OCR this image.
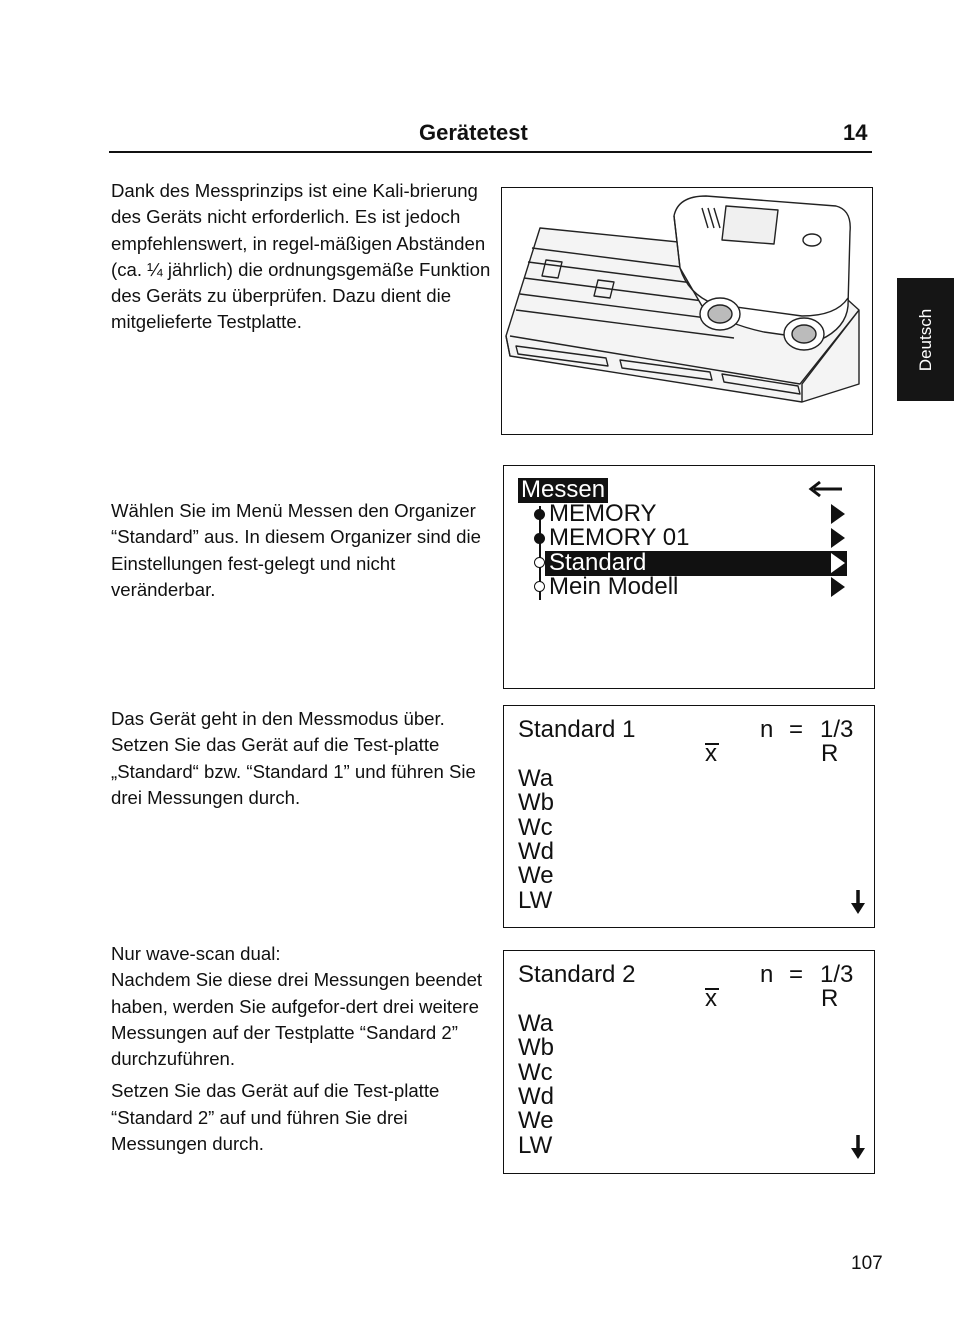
Gerätetest	14
Deutsch

Dank des Messprinzips ist eine Kali-brierung des Geräts nicht erforderlich. Es ist jedoch empfehlenswert, in regel-mäßigen Abständen (ca. ¼ jährlich) die ordnungsgemäße Funktion des Geräts zu überprüfen. Dazu dient die mitgelieferte Testplatte.

Wählen Sie im Menü Messen den Organizer “Standard” aus. In diesem Organizer sind die Einstellungen fest-gelegt und nicht veränderbar.

Messen
MEMORY
MEMORY 01
Standard
Mein Modell

Das Gerät geht in den Messmodus über.

Setzen Sie das Gerät auf die Test-platte „Standard“ bzw. “Standard 1” und führen Sie drei Messungen durch.

Standard 1	n = 1/3
x	R
Wa
Wb
Wc
Wd
We
LW

Nur wave-scan dual:

Nachdem Sie diese drei Messungen beendet haben, werden Sie aufgefor-dert drei weitere Messungen auf der Testplatte “Sandard 2” durchzuführen.

Setzen Sie das Gerät auf die Test-platte “Standard 2” auf und führen Sie drei Messungen durch.

Standard 2	n = 1/3
x	R
Wa
Wb
Wc
Wd
We
LW
107
